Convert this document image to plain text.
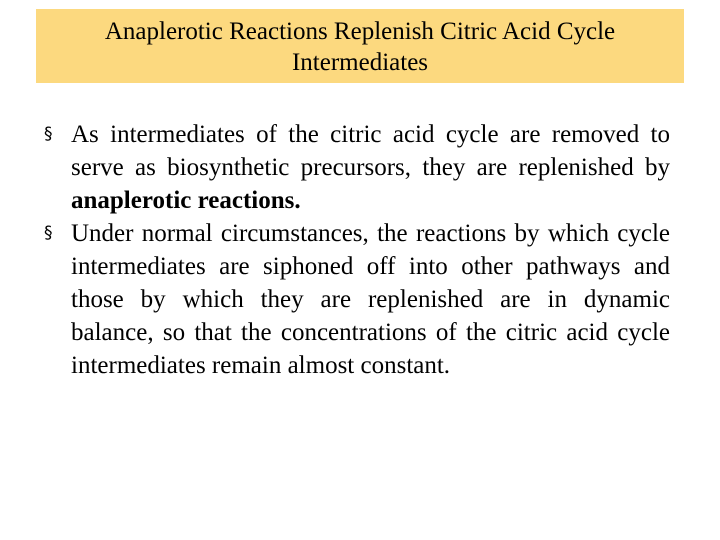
Anaplerotic Reactions Replenish Citric Acid Cycle
Intermediates
§ As intermediates of the citric acid cycle are removed to serve as biosynthetic precursors, they are replenished by anaplerotic reactions.
§ Under normal circumstances, the reactions by which cycle intermediates are siphoned off into other pathways and those by which they are replenished are in dynamic balance, so that the concentrations of the citric acid cycle intermediates remain almost constant.
